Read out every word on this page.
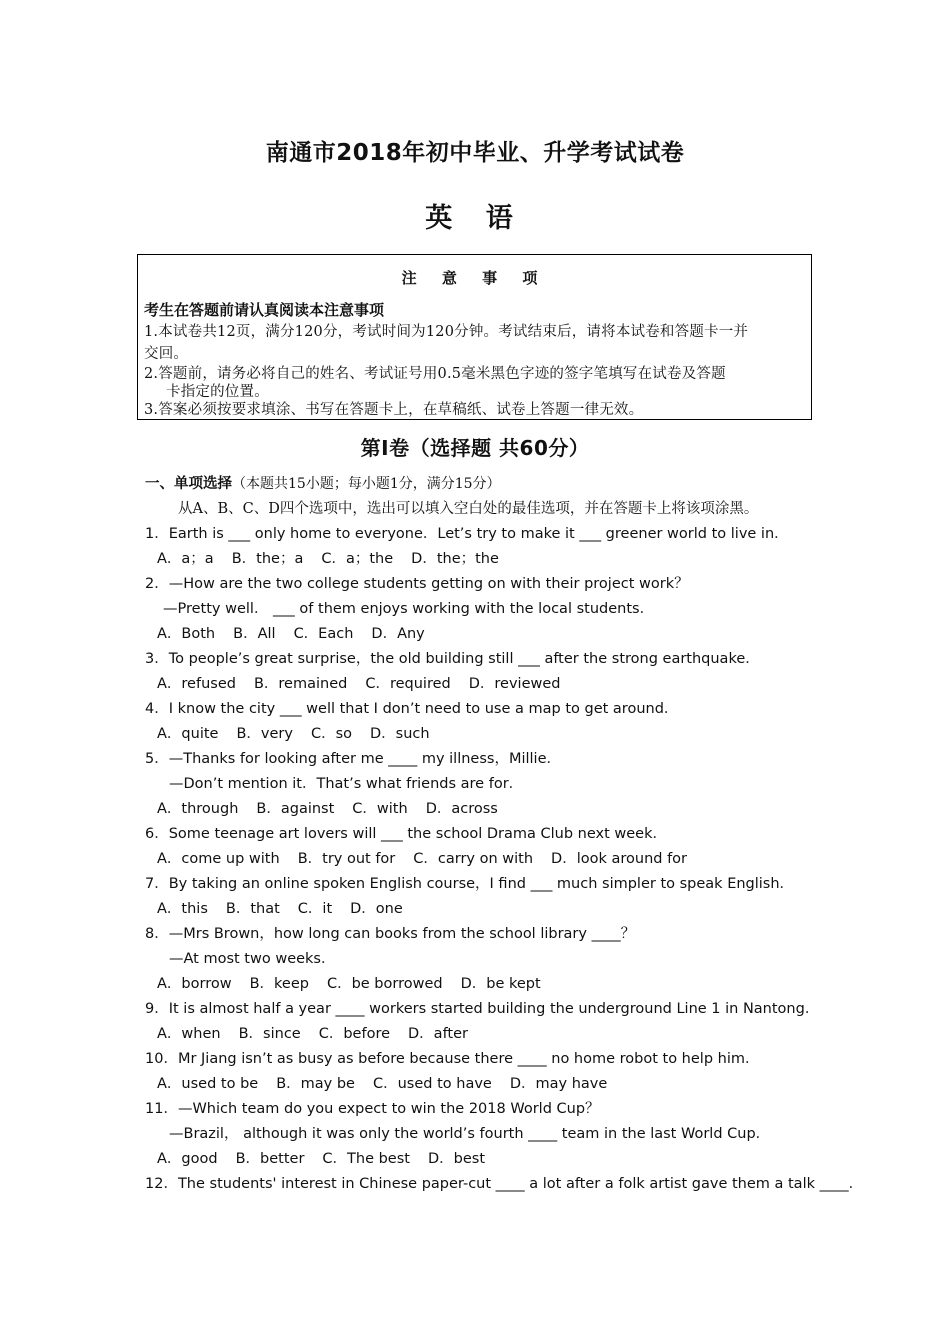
南通市2018年初中毕业、升学考试试卷
英 语
注 意 事 项
考生在答题前请认真阅读本注意事项
1.本试卷共12页，满分120分，考试时间为120分钟。考试结束后，请将本试卷和答题卡一并
交回。
2.答题前，请务必将自己的姓名、考试证号用0.5毫米黑色字迹的签字笔填写在试卷及答题
卡指定的位置。
3.答案必须按要求填涂、书写在答题卡上，在草稿纸、试卷上答题一律无效。
第Ⅰ卷（选择题 共60分）
一、单项选择（本题共15小题；每小题1分，满分15分）
从A、B、C、D四个选项中，选出可以填入空白处的最佳选项，并在答题卡上将该项涂黑。
1．Earth is ___ only home to everyone．Let’s try to make it ___ greener world to live in．
A．a；a B．the；a C．a；the D．the；the
2．—How are the two college students getting on with their project work？
—Pretty well． ___ of them enjoys working with the local students．
A．Both B．All C．Each D．Any
3．To people’s great surprise，the old building still ___ after the strong earthquake．
A．refused B．remained C．required D．reviewed
4．I know the city ___ well that I don’t need to use a map to get around．
A．quite B．very C．so D．such
5．—Thanks for looking after me ____ my illness，Millie．
—Don’t mention it．That’s what friends are for．
A．through B．against C．with D．across
6．Some teenage art lovers will ___ the school Drama Club next week．
A．come up with B．try out for C．carry on with D．look around for
7．By taking an online spoken English course，I find ___ much simpler to speak English．
A．this B．that C．it D．one
8．—Mrs Brown，how long can books from the school library ____？
—At most two weeks．
A．borrow B．keep C．be borrowed D．be kept
9．It is almost half a year ____ workers started building the underground Line 1 in Nantong．
A．when B．since C．before D．after
10．Mr Jiang isn’t as busy as before because there ____ no home robot to help him．
A．used to be B．may be C．used to have D．may have
11．—Which team do you expect to win the 2018 World Cup？
—Brazil， although it was only the world’s fourth ____ team in the last World Cup．
A．good B．better C．The best D．best
12．The students' interest in Chinese paper-cut ____ a lot after a folk artist gave them a talk ____．
